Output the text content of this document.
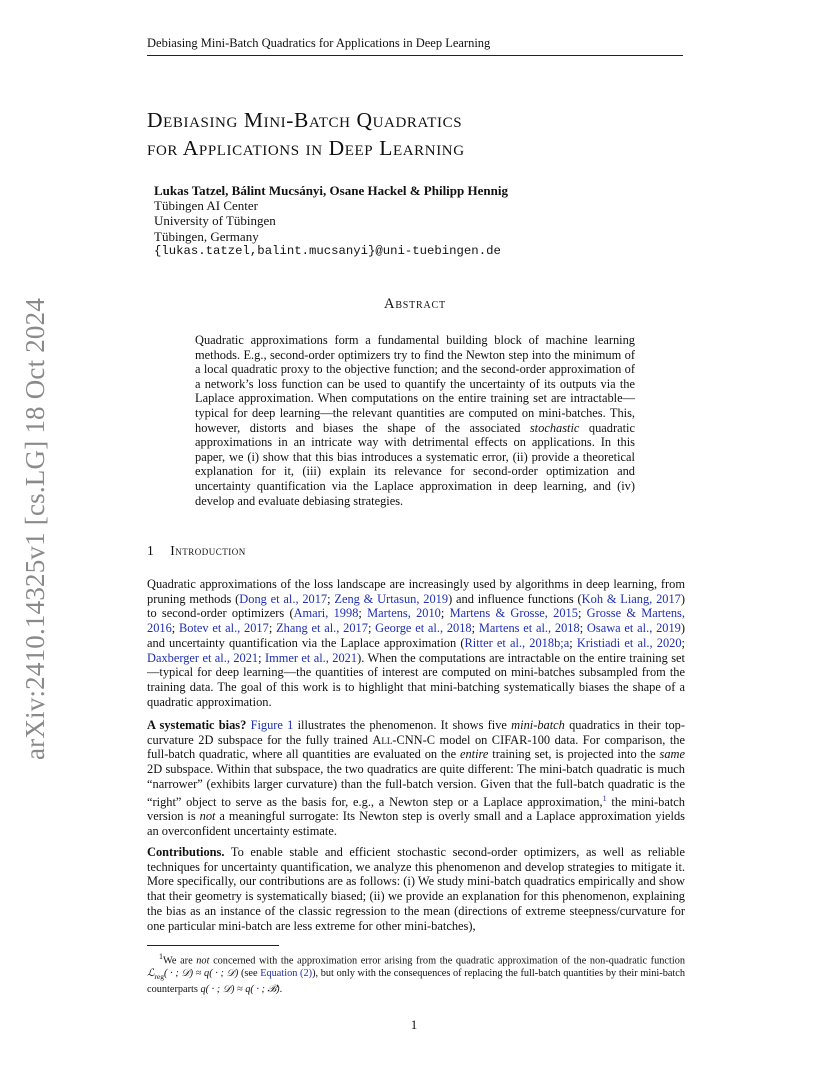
Debiasing Mini-Batch Quadratics for Applications in Deep Learning
arXiv:2410.14325v1 [cs.LG] 18 Oct 2024
Debiasing Mini-Batch Quadratics
for Applications in Deep Learning
Lukas Tatzel, Bálint Mucsányi, Osane Hackel & Philipp Hennig
Tübingen AI Center
University of Tübingen
Tübingen, Germany
{lukas.tatzel,balint.mucsanyi}@uni-tuebingen.de
Abstract

Quadratic approximations form a fundamental building block of machine learning methods. E.g., second-order optimizers try to find the Newton step into the minimum of a local quadratic proxy to the objective function; and the second-order approximation of a network’s loss function can be used to quantify the uncertainty of its outputs via the Laplace approximation. When computations on the entire training set are intractable—typical for deep learning—the relevant quantities are computed on mini-batches. This, however, distorts and biases the shape of the associated stochastic quadratic approximations in an intricate way with detrimental effects on applications. In this paper, we (i) show that this bias introduces a systematic error, (ii) provide a theoretical explanation for it, (iii) explain its relevance for second-order optimization and uncertainty quantification via the Laplace approximation in deep learning, and (iv) develop and evaluate debiasing strategies.

1 Introduction

Quadratic approximations of the loss landscape are increasingly used by algorithms in deep learning, from pruning methods (Dong et al., 2017; Zeng & Urtasun, 2019) and influence functions (Koh & Liang, 2017) to second-order optimizers (Amari, 1998; Martens, 2010; Martens & Grosse, 2015; Grosse & Martens, 2016; Botev et al., 2017; Zhang et al., 2017; George et al., 2018; Martens et al., 2018; Osawa et al., 2019) and uncertainty quantification via the Laplace approximation (Ritter et al., 2018b;a; Kristiadi et al., 2020; Daxberger et al., 2021; Immer et al., 2021). When the computations are intractable on the entire training set—typical for deep learning—the quantities of interest are computed on mini-batches subsampled from the training data. The goal of this work is to highlight that mini-batching systematically biases the shape of a quadratic approximation.

A systematic bias? Figure 1 illustrates the phenomenon. It shows five mini-batch quadratics in their top-curvature 2D subspace for the fully trained All-CNN-C model on CIFAR-100 data. For comparison, the full-batch quadratic, where all quantities are evaluated on the entire training set, is projected into the same 2D subspace. Within that subspace, the two quadratics are quite different: The mini-batch quadratic is much “narrower” (exhibits larger curvature) than the full-batch version. Given that the full-batch quadratic is the “right” object to serve as the basis for, e.g., a Newton step or a Laplace approximation,$^1$ the mini-batch version is not a meaningful surrogate: Its Newton step is overly small and a Laplace approximation yields an overconfident uncertainty estimate.

Contributions. To enable stable and efficient stochastic second-order optimizers, as well as reliable techniques for uncertainty quantification, we analyze this phenomenon and develop strategies to mitigate it. More specifically, our contributions are as follows: (i) We study mini-batch quadratics empirically and show that their geometry is systematically biased; (ii) we provide an explanation for this phenomenon, explaining the bias as an instance of the classic regression to the mean (directions of extreme steepness/curvature for one particular mini-batch are less extreme for other mini-batches),

$^1$We are not concerned with the approximation error arising from the quadratic approximation of the non-quadratic function ℒ$_{reg}$( · ; 𝒟) ≈ q( · ; 𝒟) (see Equation (2)), but only with the consequences of replacing the full-batch quantities by their mini-batch counterparts q( · ; 𝒟) ≈ q( · ; ℬ).

1
